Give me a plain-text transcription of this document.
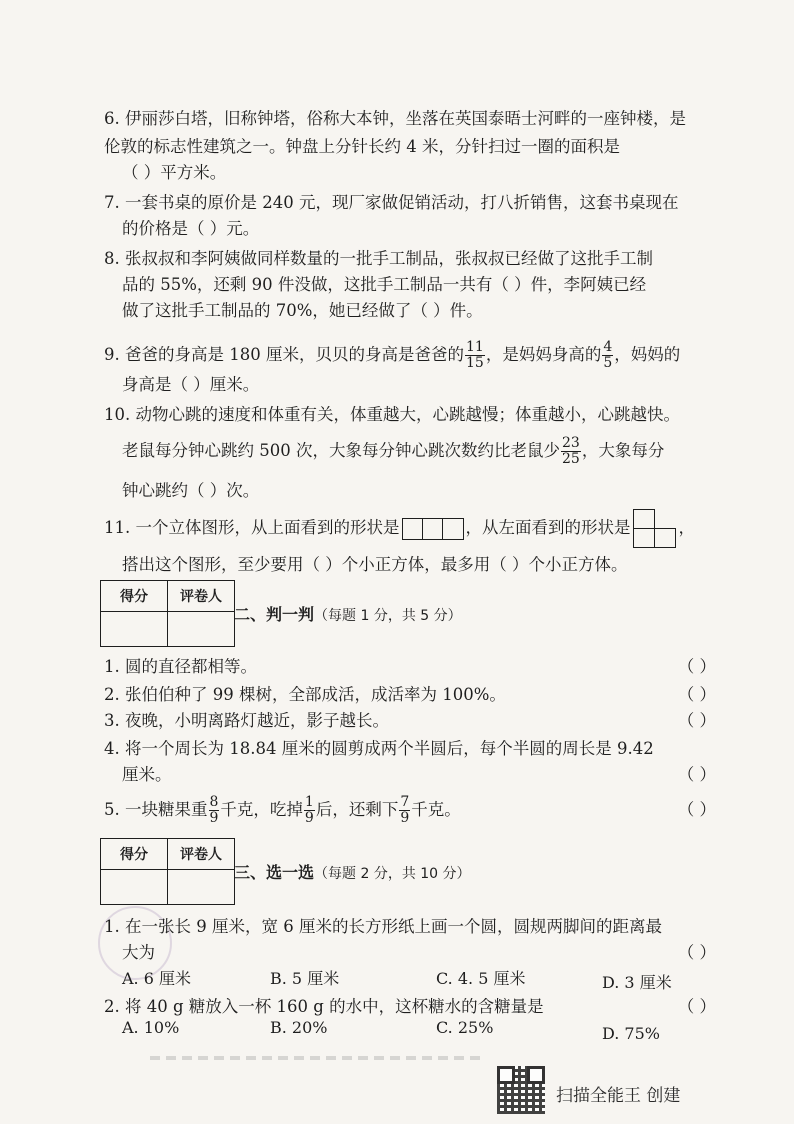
6. 伊丽莎白塔，旧称钟塔，俗称大本钟，坐落在英国泰晤士河畔的一座钟楼，是
伦敦的标志性建筑之一。钟盘上分针长约 4 米，分针扫过一圈的面积是
（ ）平方米。
7. 一套书桌的原价是 240 元，现厂家做促销活动，打八折销售，这套书桌现在
的价格是（ ）元。
8. 张叔叔和李阿姨做同样数量的一批手工制品，张叔叔已经做了这批手工制
品的 55%，还剩 90 件没做，这批手工制品一共有（ ）件，李阿姨已经
做了这批手工制品的 70%，她已经做了（ ）件。
9. 爸爸的身高是 180 厘米，贝贝的身高是爸爸的 $\frac{11}{15}$ ，是妈妈身高的 $\frac{4}{5}$ ，妈妈的
身高是（ ）厘米。
10. 动物心跳的速度和体重有关，体重越大，心跳越慢；体重越小，心跳越快。
老鼠每分钟心跳约 500 次，大象每分钟心跳次数约比老鼠少 $\frac{23}{25}$ ，大象每分
钟心跳约（ ）次。
11. 一个立体图形，从上面看到的形状是	，从左面看到的形状是	，
搭出这个图形，至少要用（ ）个小正方体，最多用（ ）个小正方体。
得分	评卷人

二、判一判（每题 1 分，共 5 分）
1. 圆的直径都相等。	（ ）
2. 张伯伯种了 99 棵树，全部成活，成活率为 100%。	（ ）
3. 夜晚，小明离路灯越近，影子越长。	（ ）
4. 将一个周长为 18.84 厘米的圆剪成两个半圆后，每个半圆的周长是 9.42
厘米。	（ ）
5. 一块糖果重 $\frac{8}{9}$ 千克，吃掉 $\frac{1}{9}$ 后，还剩下 $\frac{7}{9}$ 千克。	（ ）
得分	评卷人

三、选一选（每题 2 分，共 10 分）
1. 在一张长 9 厘米，宽 6 厘米的长方形纸上画一个圆，圆规两脚间的距离最
大为	（ ）
A. 6 厘米	B. 5 厘米	C. 4. 5 厘米	D. 3 厘米
2. 将 40 g 糖放入一杯 160 g 的水中，这杯糖水的含糖量是	（ ）
A. 10%	B. 20%	C. 25%	D. 75%
扫描全能王 创建
